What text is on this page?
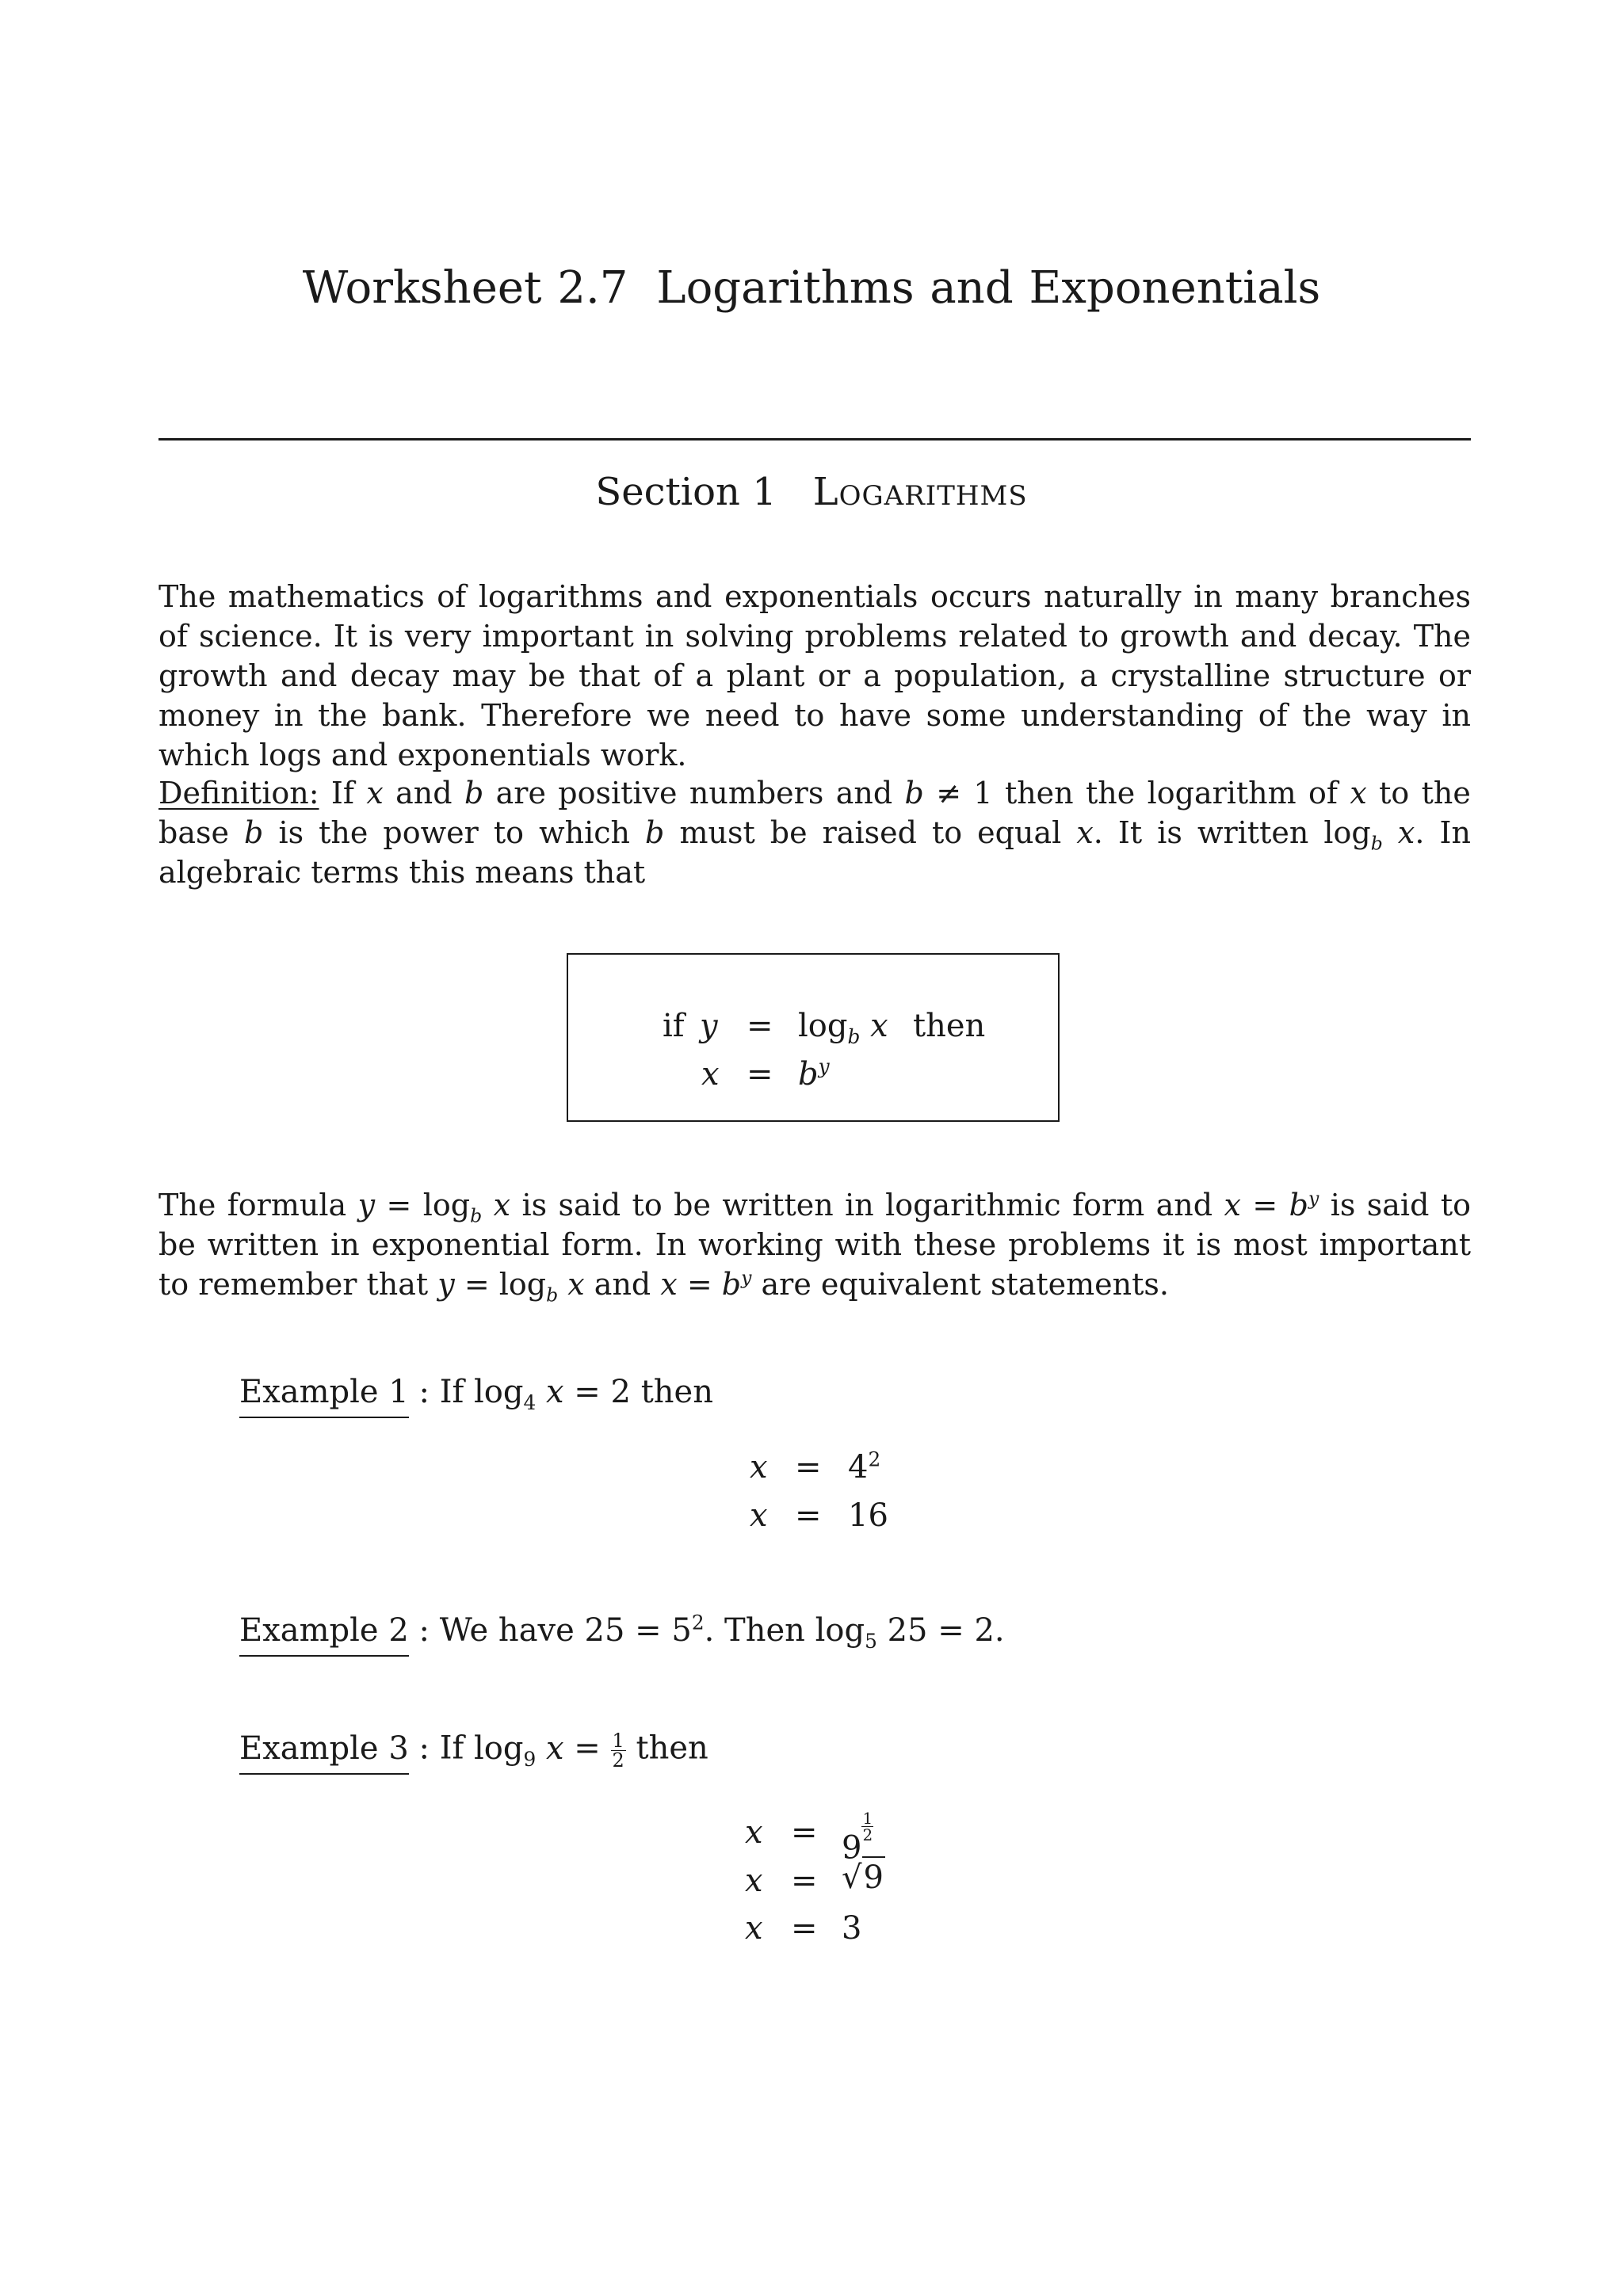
Worksheet 2.7 Logarithms and Exponentials
Section 1 Logarithms
The mathematics of logarithms and exponentials occurs naturally in many branches of science. It is very important in solving problems related to growth and decay. The growth and decay may be that of a plant or a population, a crystalline structure or money in the bank. Therefore we need to have some understanding of the way in which logs and exponentials work.
Definition: If x and b are positive numbers and b ≠ 1 then the logarithm of x to the base b is the power to which b must be raised to equal x. It is written $\log_b x$. In algebraic terms this means that
if $y = \log_b x$ then
$x = b^y$
The formula $y = \log_b x$ is said to be written in logarithmic form and $x = b^y$ is said to be written in exponential form. In working with these problems it is most important to remember that $y = \log_b x$ and $x = b^y$ are equivalent statements.
Example 1 : If $\log_4 x = 2$ then
$x = 4^2$
x = 16
Example 2 : We have $25 = 5^2$. Then $\log_5 25 = 2$.
Example 3 : If $\log_9 x = \frac{1}{2}$ then
x = 9
$\frac{1}{2}$
x = √9
x = 3
